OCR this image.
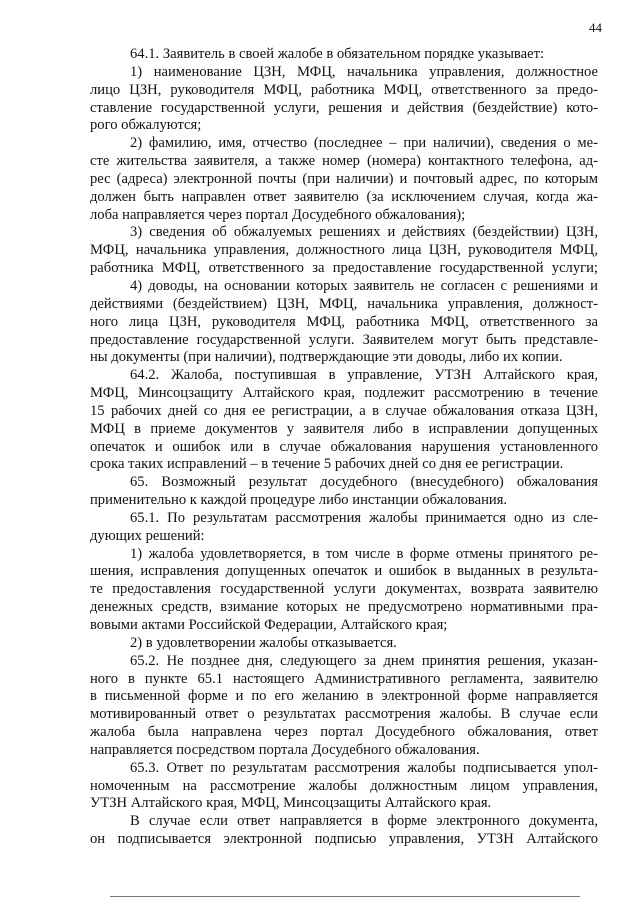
44
64.1. Заявитель в своей жалобе в обязательном порядке указывает:
1) наименование ЦЗН, МФЦ, начальника управления, должностное
лицо ЦЗН, руководителя МФЦ, работника МФЦ, ответственного за предо-
ставление государственной услуги, решения и действия (бездействие) кото-
рого обжалуются;
2) фамилию, имя, отчество (последнее – при наличии), сведения о ме-
сте жительства заявителя, а также номер (номера) контактного телефона, ад-
рес (адреса) электронной почты (при наличии) и почтовый адрес, по которым
должен быть направлен ответ заявителю (за исключением случая, когда жа-
лоба направляется через портал Досудебного обжалования);
3) сведения об обжалуемых решениях и действиях (бездействии) ЦЗН,
МФЦ, начальника управления, должностного лица ЦЗН, руководителя МФЦ,
работника МФЦ, ответственного за предоставление государственной услуги;
4) доводы, на основании которых заявитель не согласен с решениями и
действиями (бездействием) ЦЗН, МФЦ, начальника управления, должност-
ного лица ЦЗН, руководителя МФЦ, работника МФЦ, ответственного за
предоставление государственной услуги. Заявителем могут быть представле-
ны документы (при наличии), подтверждающие эти доводы, либо их копии.
64.2. Жалоба, поступившая в управление, УТЗН Алтайского края,
МФЦ, Минсоцзащиту Алтайского края, подлежит рассмотрению в течение
15 рабочих дней со дня ее регистрации, а в случае обжалования отказа ЦЗН,
МФЦ в приеме документов у заявителя либо в исправлении допущенных
опечаток и ошибок или в случае обжалования нарушения установленного
срока таких исправлений – в течение 5 рабочих дней со дня ее регистрации.
65. Возможный результат досудебного (внесудебного) обжалования
применительно к каждой процедуре либо инстанции обжалования.
65.1. По результатам рассмотрения жалобы принимается одно из сле-
дующих решений:
1) жалоба удовлетворяется, в том числе в форме отмены принятого ре-
шения, исправления допущенных опечаток и ошибок в выданных в результа-
те предоставления государственной услуги документах, возврата заявителю
денежных средств, взимание которых не предусмотрено нормативными пра-
вовыми актами Российской Федерации, Алтайского края;
2) в удовлетворении жалобы отказывается.
65.2. Не позднее дня, следующего за днем принятия решения, указан-
ного в пункте 65.1 настоящего Административного регламента, заявителю
в письменной форме и по его желанию в электронной форме направляется
мотивированный ответ о результатах рассмотрения жалобы. В случае если
жалоба была направлена через портал Досудебного обжалования, ответ
направляется посредством портала Досудебного обжалования.
65.3. Ответ по результатам рассмотрения жалобы подписывается упол-
номоченным на рассмотрение жалобы должностным лицом управления,
УТЗН Алтайского края, МФЦ, Минсоцзащиты Алтайского края.
В случае если ответ направляется в форме электронного документа,
он подписывается электронной подписью управления, УТЗН Алтайского
